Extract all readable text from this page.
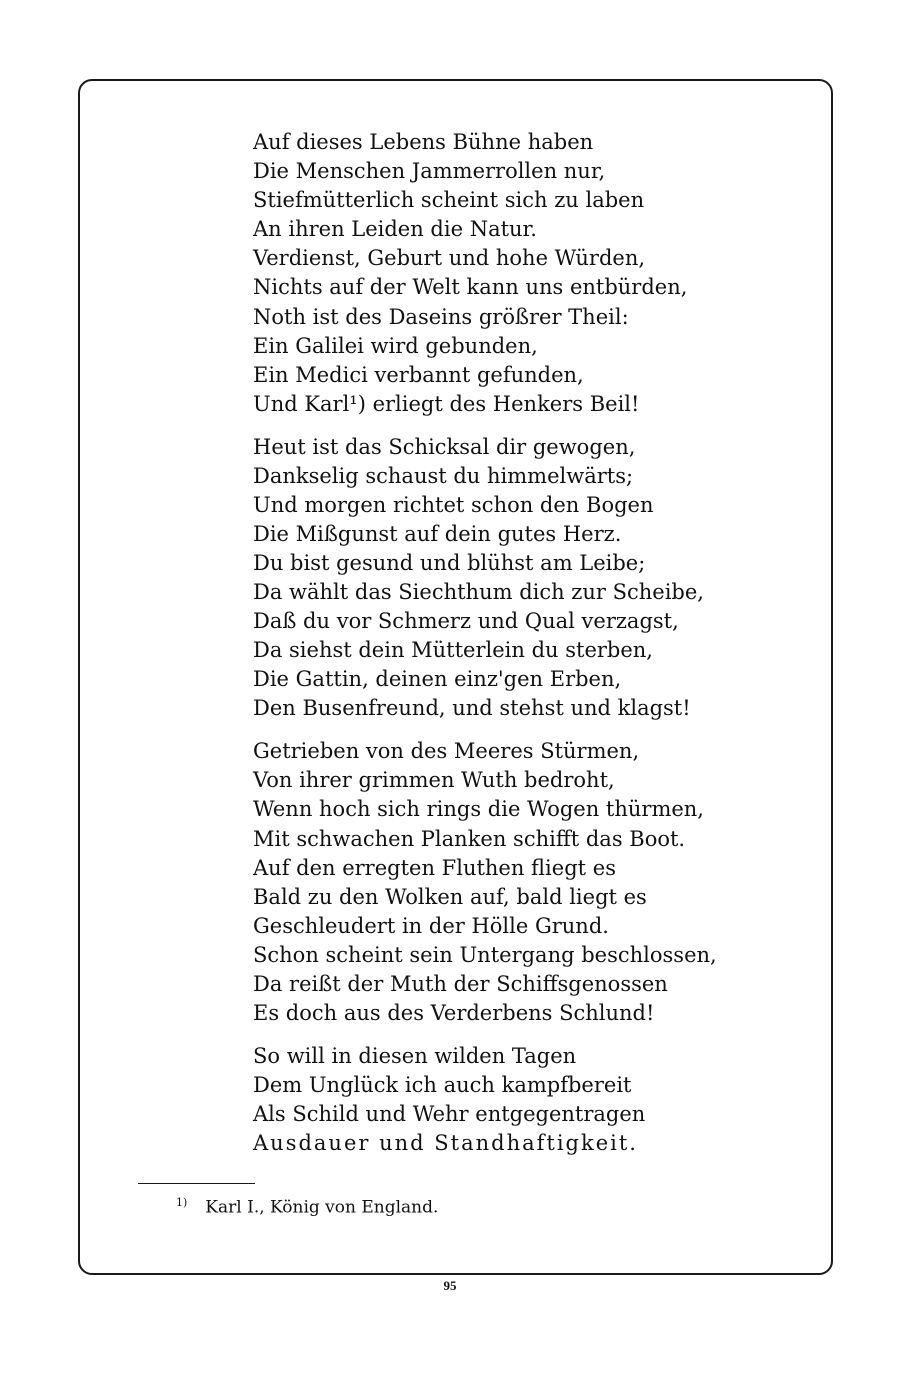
Auf dieses Lebens Bühne haben
Die Menschen Jammerrollen nur,
Stiefmütterlich scheint sich zu laben
An ihren Leiden die Natur.
Verdienst, Geburt und hohe Würden,
Nichts auf der Welt kann uns entbürden,
Noth ist des Daseins größrer Theil:
Ein Galilei wird gebunden,
Ein Medici verbannt gefunden,
Und Karl¹) erliegt des Henkers Beil!
Heut ist das Schicksal dir gewogen,
Dankselig schaust du himmelwärts;
Und morgen richtet schon den Bogen
Die Mißgunst auf dein gutes Herz.
Du bist gesund und blühst am Leibe;
Da wählt das Siechthum dich zur Scheibe,
Daß du vor Schmerz und Qual verzagst,
Da siehst dein Mütterlein du sterben,
Die Gattin, deinen einz'gen Erben,
Den Busenfreund, und stehst und klagst!
Getrieben von des Meeres Stürmen,
Von ihrer grimmen Wuth bedroht,
Wenn hoch sich rings die Wogen thürmen,
Mit schwachen Planken schifft das Boot.
Auf den erregten Fluthen fliegt es
Bald zu den Wolken auf, bald liegt es
Geschleudert in der Hölle Grund.
Schon scheint sein Untergang beschlossen,
Da reißt der Muth der Schiffsgenossen
Es doch aus des Verderbens Schlund!
So will in diesen wilden Tagen
Dem Unglück ich auch kampfbereit
Als Schild und Wehr entgegentragen
Ausdauer und Standhaftigkeit.
$^{1)}$ Karl I., König von England.
95
